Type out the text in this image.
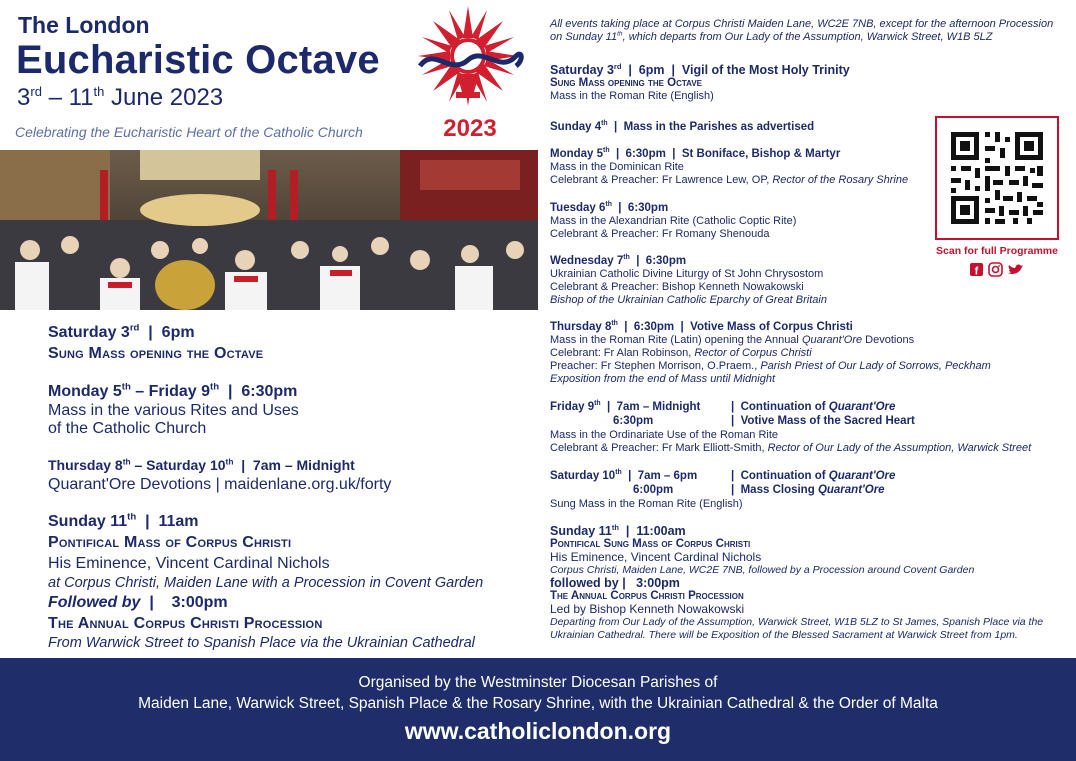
The London
Eucharistic Octave
3rd – 11th June 2023
Celebrating the Eucharistic Heart of the Catholic Church	2023
Saturday 3rd  |  6pm
Sung Mass opening the Octave
Monday 5th – Friday 9th  |  6:30pm
Mass in the various Rites and Uses
of the Catholic Church
Thursday 8th – Saturday 10th  |  7am – Midnight
Quarant'Ore Devotions | maidenlane.org.uk/forty
Sunday 11th  |  11am
Pontifical Mass of Corpus Christi
His Eminence, Vincent Cardinal Nichols
at Corpus Christi, Maiden Lane with a Procession in Covent Garden
Followed by  |    3:00pm
The Annual Corpus Christi Procession
From Warwick Street to Spanish Place via the Ukrainian Cathedral
All events taking place at Corpus Christi Maiden Lane, WC2E 7NB, except for the afternoon Procession
on Sunday 11th, which departs from Our Lady of the Assumption, Warwick Street, W1B 5LZ
Saturday 3rd  |  6pm  |  Vigil of the Most Holy Trinity
Sung Mass opening the Octave
Mass in the Roman Rite (English)
Sunday 4th  |  Mass in the Parishes as advertised
Monday 5th  |  6:30pm  |  St Boniface, Bishop & Martyr
Mass in the Dominican Rite
Celebrant & Preacher: Fr Lawrence Lew, OP, Rector of the Rosary Shrine
Tuesday 6th  |  6:30pm
Mass in the Alexandrian Rite (Catholic Coptic Rite)
Celebrant & Preacher: Fr Romany Shenouda
Wednesday 7th  |  6:30pm
Ukrainian Catholic Divine Liturgy of St John Chrysostom
Celebrant & Preacher: Bishop Kenneth Nowakowski
Bishop of the Ukrainian Catholic Eparchy of Great Britain
Thursday 8th  |  6:30pm  |  Votive Mass of Corpus Christi
Mass in the Roman Rite (Latin) opening the Annual Quarant'Ore Devotions
Celebrant: Fr Alan Robinson, Rector of Corpus Christi
Preacher: Fr Stephen Morrison, O.Praem., Parish Priest of Our Lady of Sorrows, Peckham
Exposition from the end of Mass until Midnight
Friday 9th  |  7am – Midnight	|  Continuation of Quarant'Ore
6:30pm	|  Votive Mass of the Sacred Heart
Mass in the Ordinariate Use of the Roman Rite
Celebrant & Preacher: Fr Mark Elliott-Smith, Rector of Our Lady of the Assumption, Warwick Street
Saturday 10th  |  7am – 6pm	|  Continuation of Quarant'Ore
6:00pm	|  Mass Closing Quarant'Ore
Sung Mass in the Roman Rite (English)
Sunday 11th  |  11:00am
Pontifical Sung Mass of Corpus Christi
His Eminence, Vincent Cardinal Nichols
Corpus Christi, Maiden Lane, WC2E 7NB, followed by a Procession around Covent Garden
followed by |   3:00pm
The Annual Corpus Christi Procession
Led by Bishop Kenneth Nowakowski
Departing from Our Lady of the Assumption, Warwick Street, W1B 5LZ to St James, Spanish Place via the
Ukrainian Cathedral. There will be Exposition of the Blessed Sacrament at Warwick Street from 1pm.
Scan for full Programme
f
Organised by the Westminster Diocesan Parishes of
Maiden Lane, Warwick Street, Spanish Place & the Rosary Shrine, with the Ukrainian Cathedral & the Order of Malta
www.catholiclondon.org
